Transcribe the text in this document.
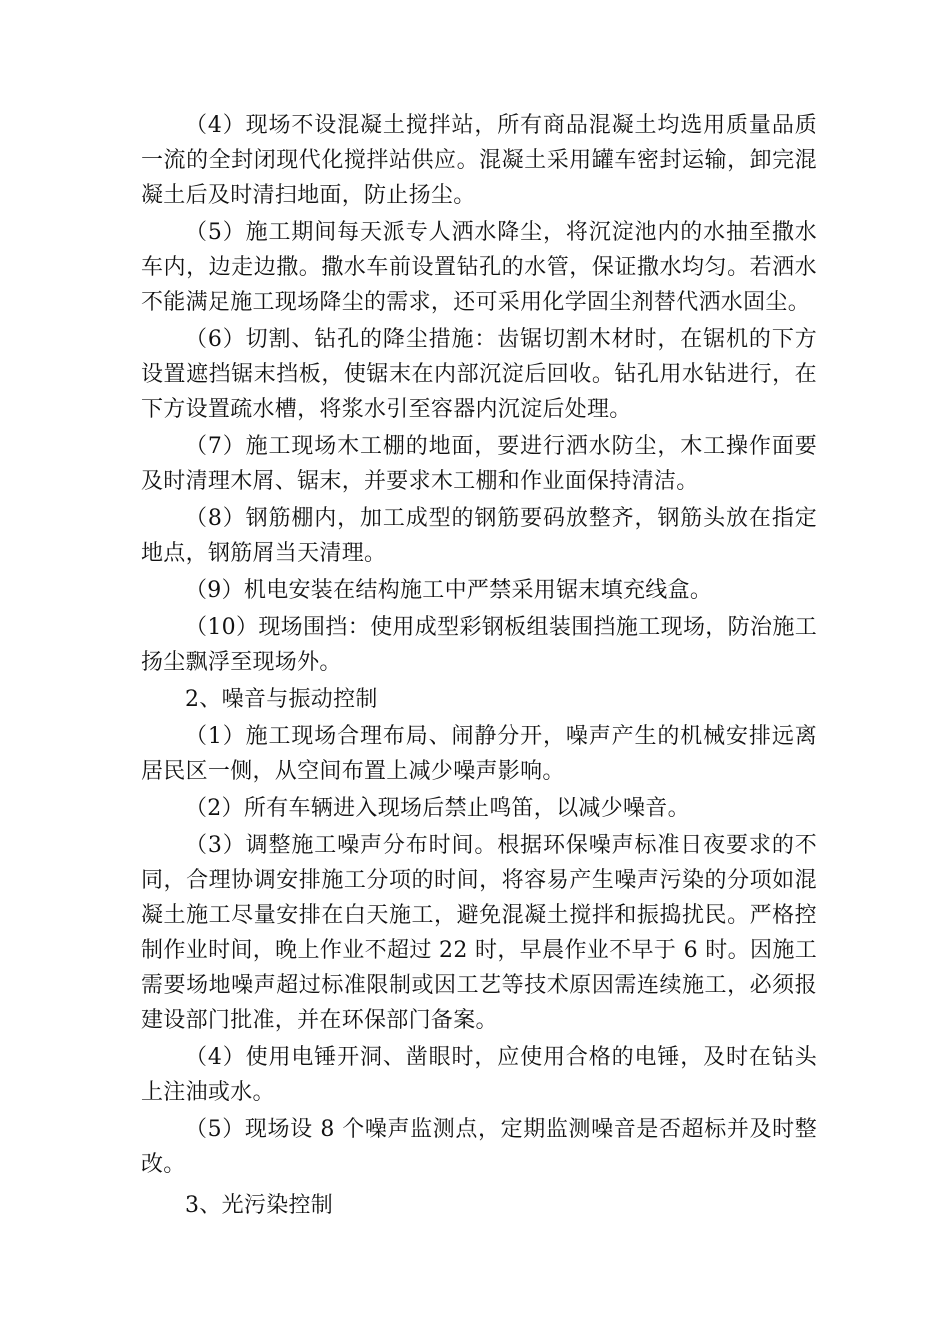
（4）现场不设混凝土搅拌站，所有商品混凝土均选用质量品质一流的全封闭现代化搅拌站供应。混凝土采用罐车密封运输，卸完混凝土后及时清扫地面，防止扬尘。

（5）施工期间每天派专人洒水降尘，将沉淀池内的水抽至撒水车内，边走边撒。撒水车前设置钻孔的水管，保证撒水均匀。若洒水不能满足施工现场降尘的需求，还可采用化学固尘剂替代洒水固尘。

（6）切割、钻孔的降尘措施：齿锯切割木材时，在锯机的下方设置遮挡锯末挡板，使锯末在内部沉淀后回收。钻孔用水钻进行，在下方设置疏水槽，将浆水引至容器内沉淀后处理。

（7）施工现场木工棚的地面，要进行洒水防尘，木工操作面要及时清理木屑、锯末，并要求木工棚和作业面保持清洁。

（8）钢筋棚内，加工成型的钢筋要码放整齐，钢筋头放在指定地点，钢筋屑当天清理。

（9）机电安装在结构施工中严禁采用锯末填充线盒。

（10）现场围挡：使用成型彩钢板组装围挡施工现场，防治施工扬尘飘浮至现场外。

2、噪音与振动控制

（1）施工现场合理布局、闹静分开，噪声产生的机械安排远离居民区一侧，从空间布置上减少噪声影响。

（2）所有车辆进入现场后禁止鸣笛，以减少噪音。

（3）调整施工噪声分布时间。根据环保噪声标准日夜要求的不同，合理协调安排施工分项的时间，将容易产生噪声污染的分项如混凝土施工尽量安排在白天施工，避免混凝土搅拌和振捣扰民。严格控制作业时间，晚上作业不超过 22 时，早晨作业不早于 6 时。因施工需要场地噪声超过标准限制或因工艺等技术原因需连续施工，必须报建设部门批准，并在环保部门备案。

（4）使用电锤开洞、凿眼时，应使用合格的电锤，及时在钻头上注油或水。

（5）现场设 8 个噪声监测点，定期监测噪音是否超标并及时整改。

3、光污染控制
